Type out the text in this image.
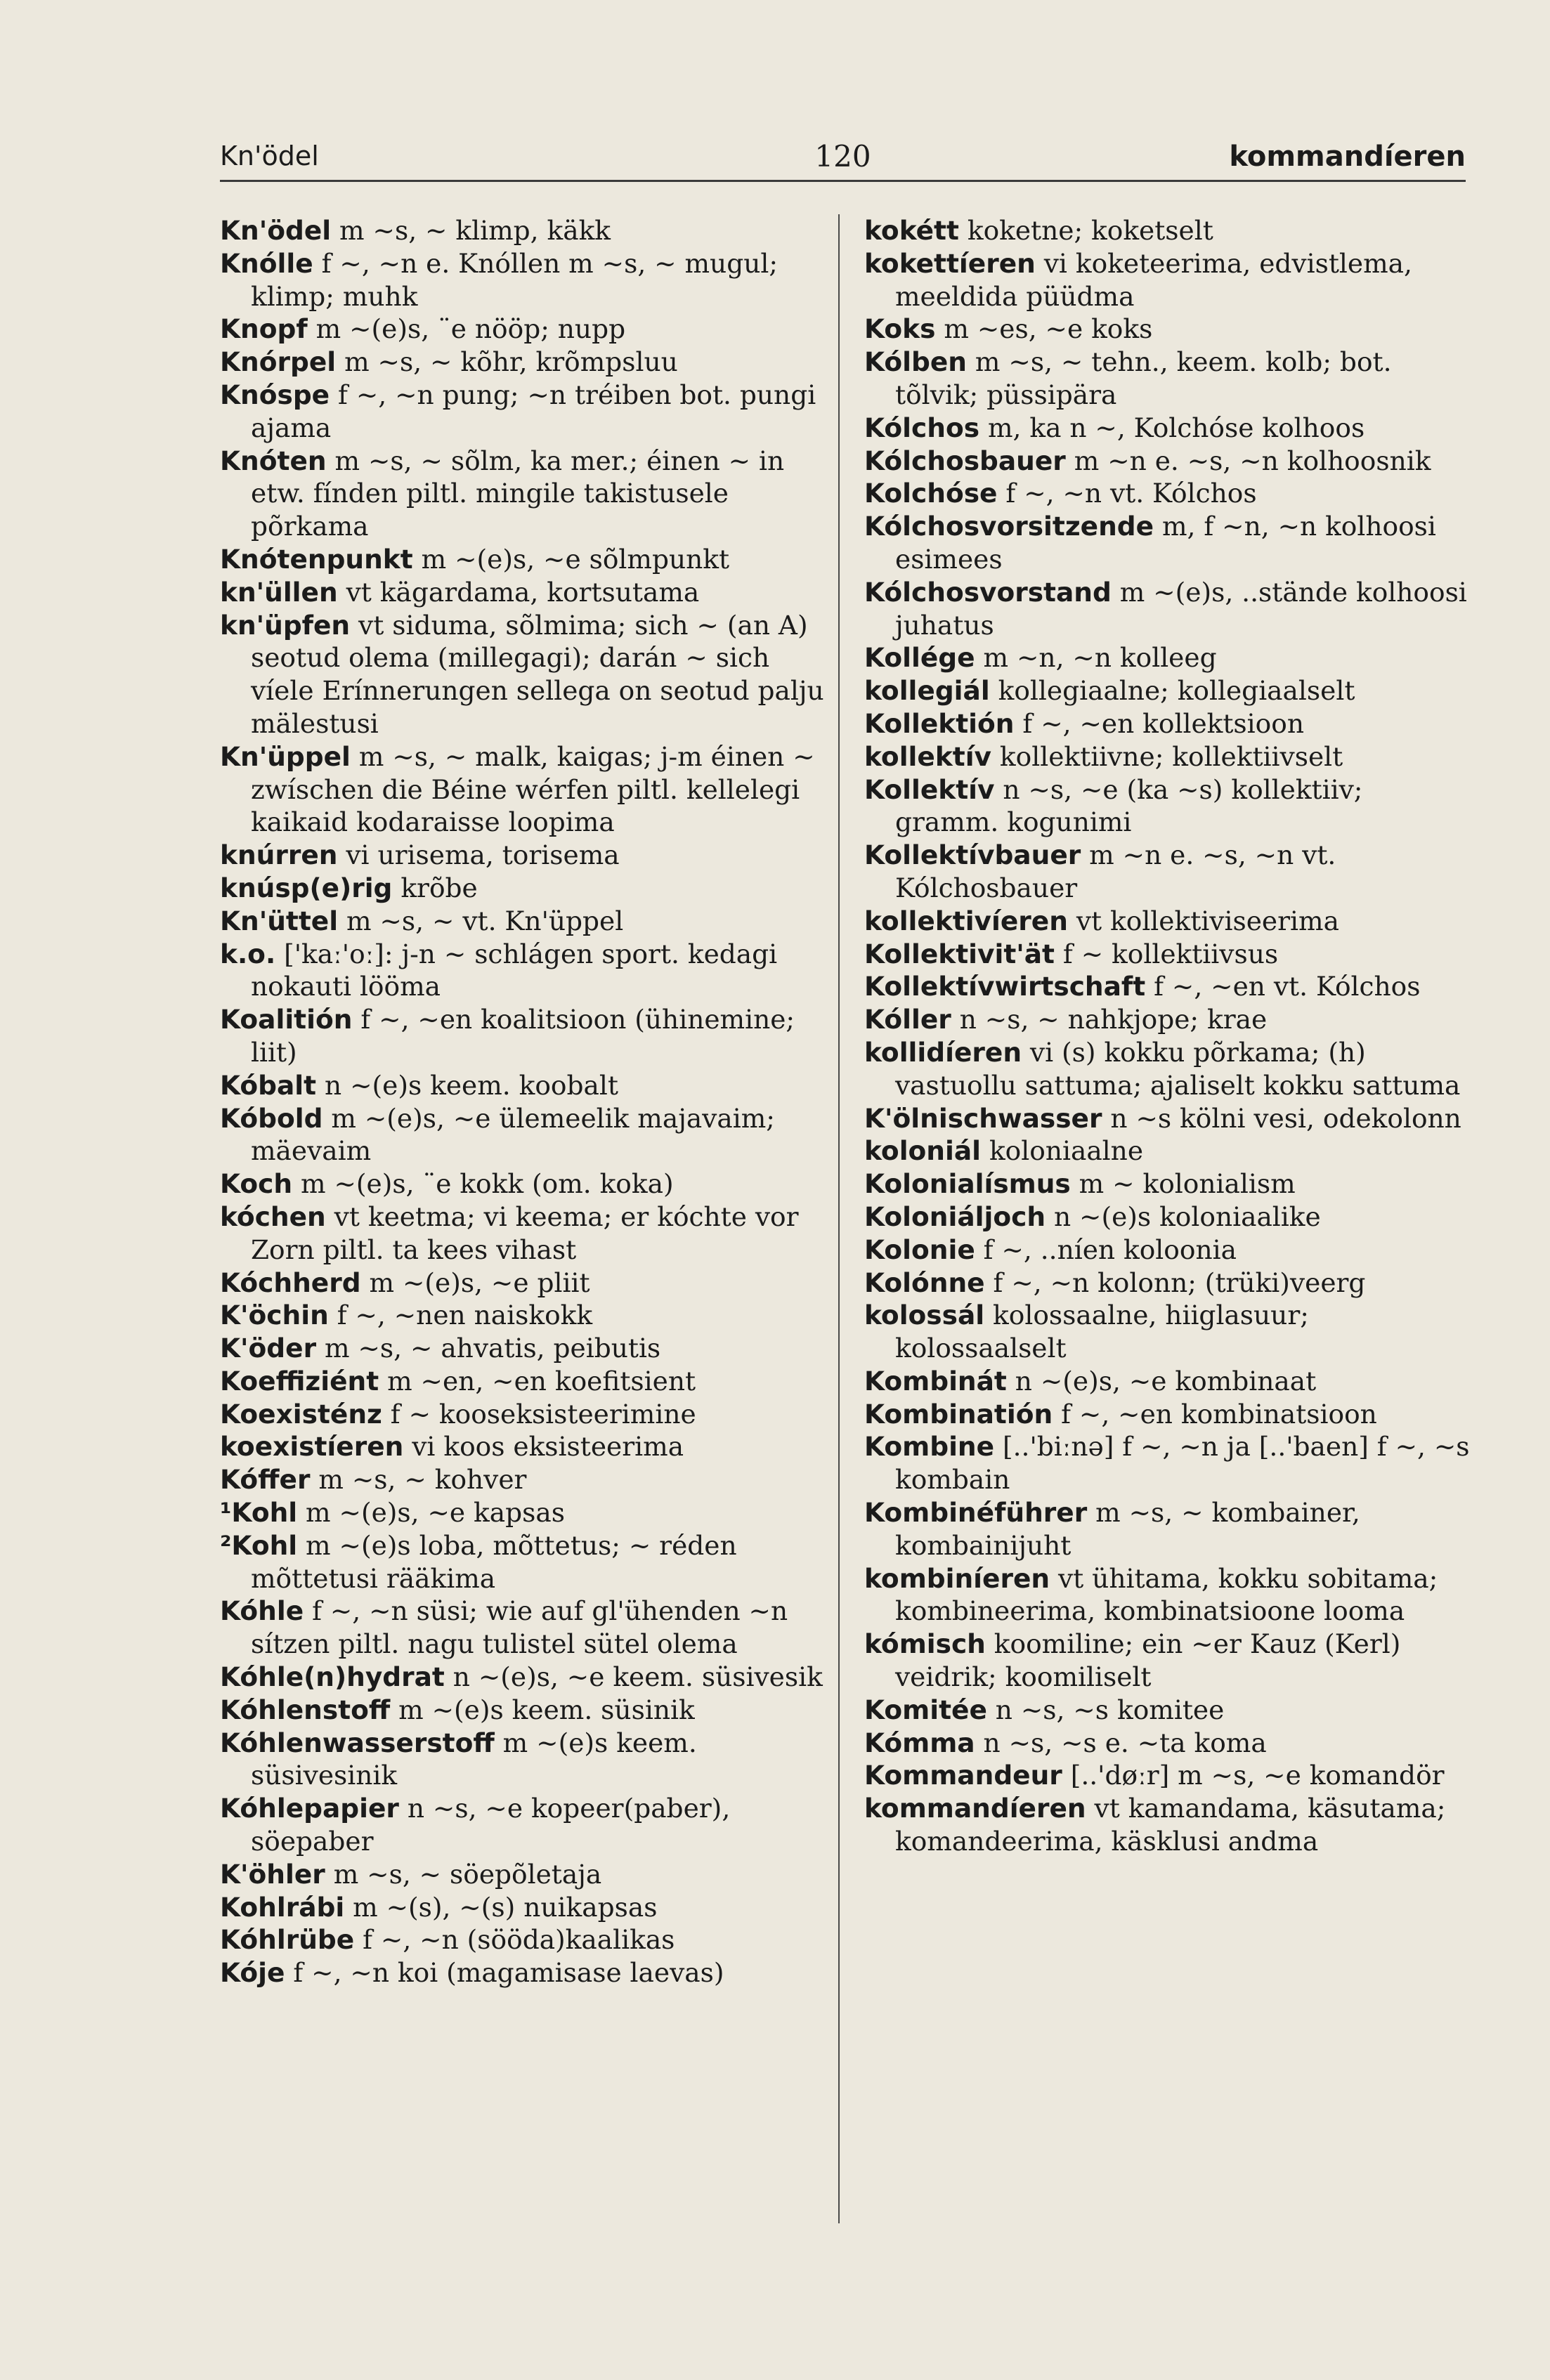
Kn'ödel	120	kommandíeren

Kn'ödel m ~s, ~ klimp, käkk

Knólle f ~, ~n e. Knóllen m ~s, ~ mugul; klimp; muhk

Knopf m ~(e)s, ¨e nööp; nupp

Knórpel m ~s, ~ kõhr, krõmpsluu

Knóspe f ~, ~n pung; ~n tréiben bot. pungi ajama

Knóten m ~s, ~ sõlm, ka mer.; éinen ~ in etw. fínden piltl. mingile takistusele põrkama

Knótenpunkt m ~(e)s, ~e sõlmpunkt

kn'üllen vt kägardama, kortsutama

kn'üpfen vt siduma, sõlmima; sich ~ (an A) seotud olema (millegagi); darán ~ sich víele Erínnerungen sellega on seotud palju mälestusi

Kn'üppel m ~s, ~ malk, kaigas; j-m éinen ~ zwíschen die Béine wérfen piltl. kellelegi kaikaid kodaraisse loopima

knúrren vi urisema, torisema

knúsp(e)rig krõbe

Kn'üttel m ~s, ~ vt. Kn'üppel

k.o. ['kaː'oː]: j-n ~ schlágen sport. kedagi nokauti lööma

Koalitión f ~, ~en koalitsioon (ühinemine; liit)

Kóbalt n ~(e)s keem. koobalt

Kóbold m ~(e)s, ~e ülemeelik majavaim; mäevaim

Koch m ~(e)s, ¨e kokk (om. koka)

kóchen vt keetma; vi keema; er kóchte vor Zorn piltl. ta kees vihast

Kóchherd m ~(e)s, ~e pliit

K'öchin f ~, ~nen naiskokk

K'öder m ~s, ~ ahvatis, peibutis

Koeffiziént m ~en, ~en koefitsient

Koexisténz f ~ kooseksisteerimine

koexistíeren vi koos eksisteerima

Kóffer m ~s, ~ kohver

¹Kohl m ~(e)s, ~e kapsas

²Kohl m ~(e)s loba, mõttetus; ~ réden mõttetusi rääkima

Kóhle f ~, ~n süsi; wie auf gl'ühenden ~n sítzen piltl. nagu tulistel sütel olema

Kóhle(n)hydrat n ~(e)s, ~e keem. süsivesik

Kóhlenstoff m ~(e)s keem. süsinik

Kóhlenwasserstoff m ~(e)s keem. süsivesinik

Kóhlepapier n ~s, ~e kopeer(paber), söepaber

K'öhler m ~s, ~ söepõletaja

Kohlrábi m ~(s), ~(s) nuikapsas

Kóhlrübe f ~, ~n (sööda)kaalikas

Kóje f ~, ~n koi (magamisase laevas)

kokétt koketne; koketselt

kokettíeren vi koketeerima, edvistlema, meeldida püüdma

Koks m ~es, ~e koks

Kólben m ~s, ~ tehn., keem. kolb; bot. tõlvik; püssipära

Kólchos m, ka n ~, Kolchóse kolhoos

Kólchosbauer m ~n e. ~s, ~n kolhoosnik

Kolchóse f ~, ~n vt. Kólchos

Kólchosvorsitzende m, f ~n, ~n kolhoosi esimees

Kólchosvorstand m ~(e)s, ..stände kolhoosi juhatus

Kollége m ~n, ~n kolleeg

kollegiál kollegiaalne; kollegiaalselt

Kollektión f ~, ~en kollektsioon

kollektív kollektiivne; kollektiivselt

Kollektív n ~s, ~e (ka ~s) kollektiiv; gramm. kogunimi

Kollektívbauer m ~n e. ~s, ~n vt. Kólchosbauer

kollektivíeren vt kollektiviseerima

Kollektivit'ät f ~ kollektiivsus

Kollektívwirtschaft f ~, ~en vt. Kólchos

Kóller n ~s, ~ nahkjope; krae

kollidíeren vi (s) kokku põrkama; (h) vastuollu sattuma; ajaliselt kokku sattuma

K'ölnischwasser n ~s kölni vesi, odekolonn

koloniál koloniaalne

Kolonialísmus m ~ kolonialism

Koloniáljoch n ~(e)s koloniaalike

Kolonie f ~, ..níen koloonia

Kolónne f ~, ~n kolonn; (trüki)veerg

kolossál kolossaalne, hiiglasuur; kolossaalselt

Kombinát n ~(e)s, ~e kombinaat

Kombinatión f ~, ~en kombinatsioon

Kombine [..'biːnə] f ~, ~n ja [..'baen] f ~, ~s kombain

Kombinéführer m ~s, ~ kombainer, kombainijuht

kombiníeren vt ühitama, kokku sobitama; kombineerima, kombinatsioone looma

kómisch koomiline; ein ~er Kauz (Kerl) veidrik; koomiliselt

Komitée n ~s, ~s komitee

Kómma n ~s, ~s e. ~ta koma

Kommandeur [..'døːr] m ~s, ~e komandör

kommandíeren vt kamandama, käsutama; komandeerima, käsklusi andma
